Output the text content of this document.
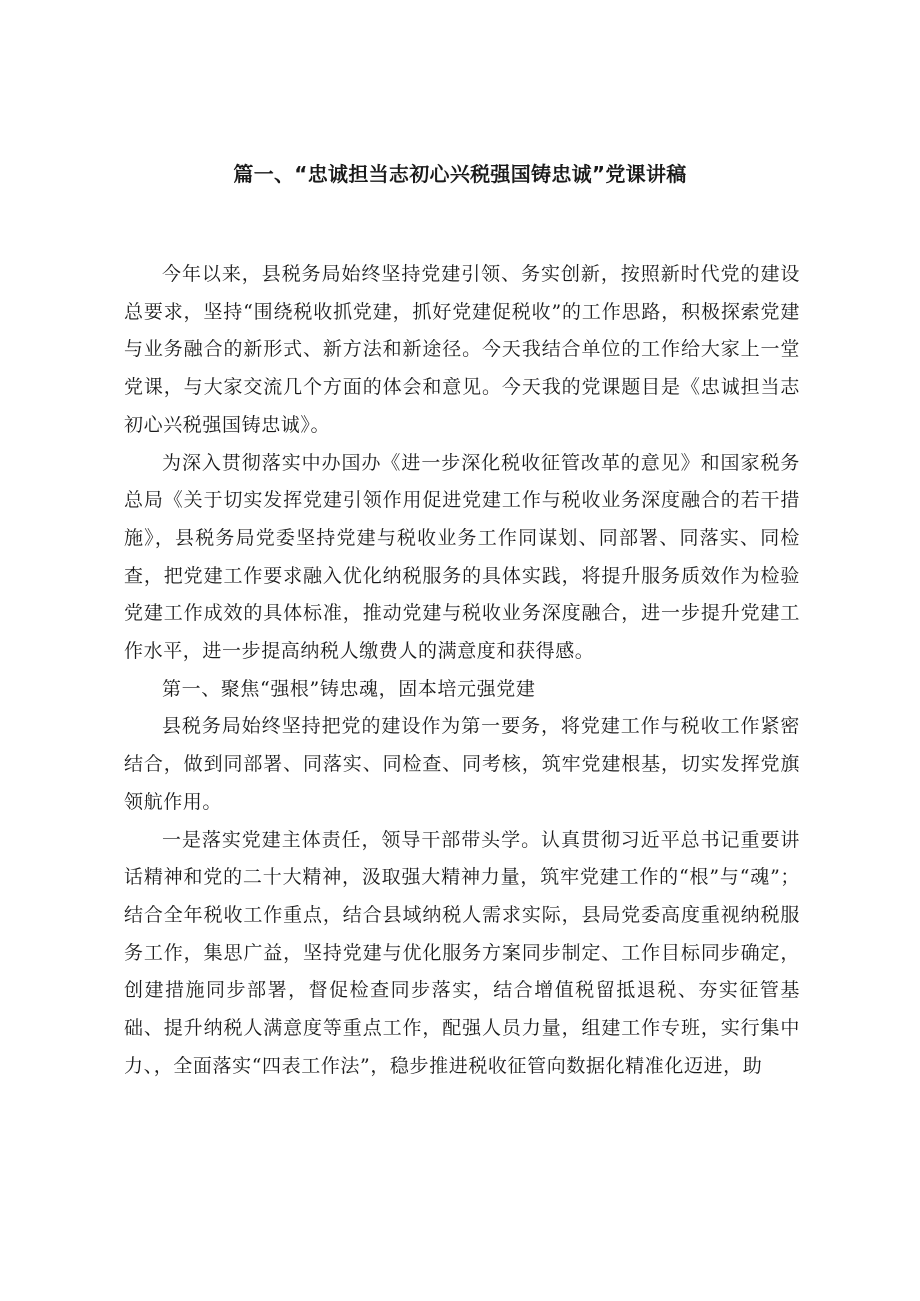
篇一、“忠诚担当志初心兴税强国铸忠诚”党课讲稿

今年以来，县税务局始终坚持党建引领、务实创新，按照新时代党的建设总要求，坚持“围绕税收抓党建，抓好党建促税收”的工作思路，积极探索党建与业务融合的新形式、新方法和新途径。今天我结合单位的工作给大家上一堂党课，与大家交流几个方面的体会和意见。今天我的党课题目是《忠诚担当志初心兴税强国铸忠诚》。

为深入贯彻落实中办国办《进一步深化税收征管改革的意见》和国家税务总局《关于切实发挥党建引领作用促进党建工作与税收业务深度融合的若干措施》，县税务局党委坚持党建与税收业务工作同谋划、同部署、同落实、同检查，把党建工作要求融入优化纳税服务的具体实践，将提升服务质效作为检验党建工作成效的具体标准，推动党建与税收业务深度融合，进一步提升党建工作水平，进一步提高纳税人缴费人的满意度和获得感。

第一、聚焦“强根”铸忠魂，固本培元强党建

县税务局始终坚持把党的建设作为第一要务，将党建工作与税收工作紧密结合，做到同部署、同落实、同检查、同考核，筑牢党建根基，切实发挥党旗领航作用。

一是落实党建主体责任，领导干部带头学。认真贯彻习近平总书记重要讲话精神和党的二十大精神，汲取强大精神力量，筑牢党建工作的“根”与“魂”；结合全年税收工作重点，结合县域纳税人需求实际，县局党委高度重视纳税服务工作，集思广益，坚持党建与优化服务方案同步制定、工作目标同步确定，创建措施同步部署，督促检查同步落实，结合增值税留抵退税、夯实征管基础、提升纳税人满意度等重点工作，配强人员力量，组建工作专班，实行集中力、，全面落实“四表工作法”，稳步推进税收征管向数据化精准化迈进，助
